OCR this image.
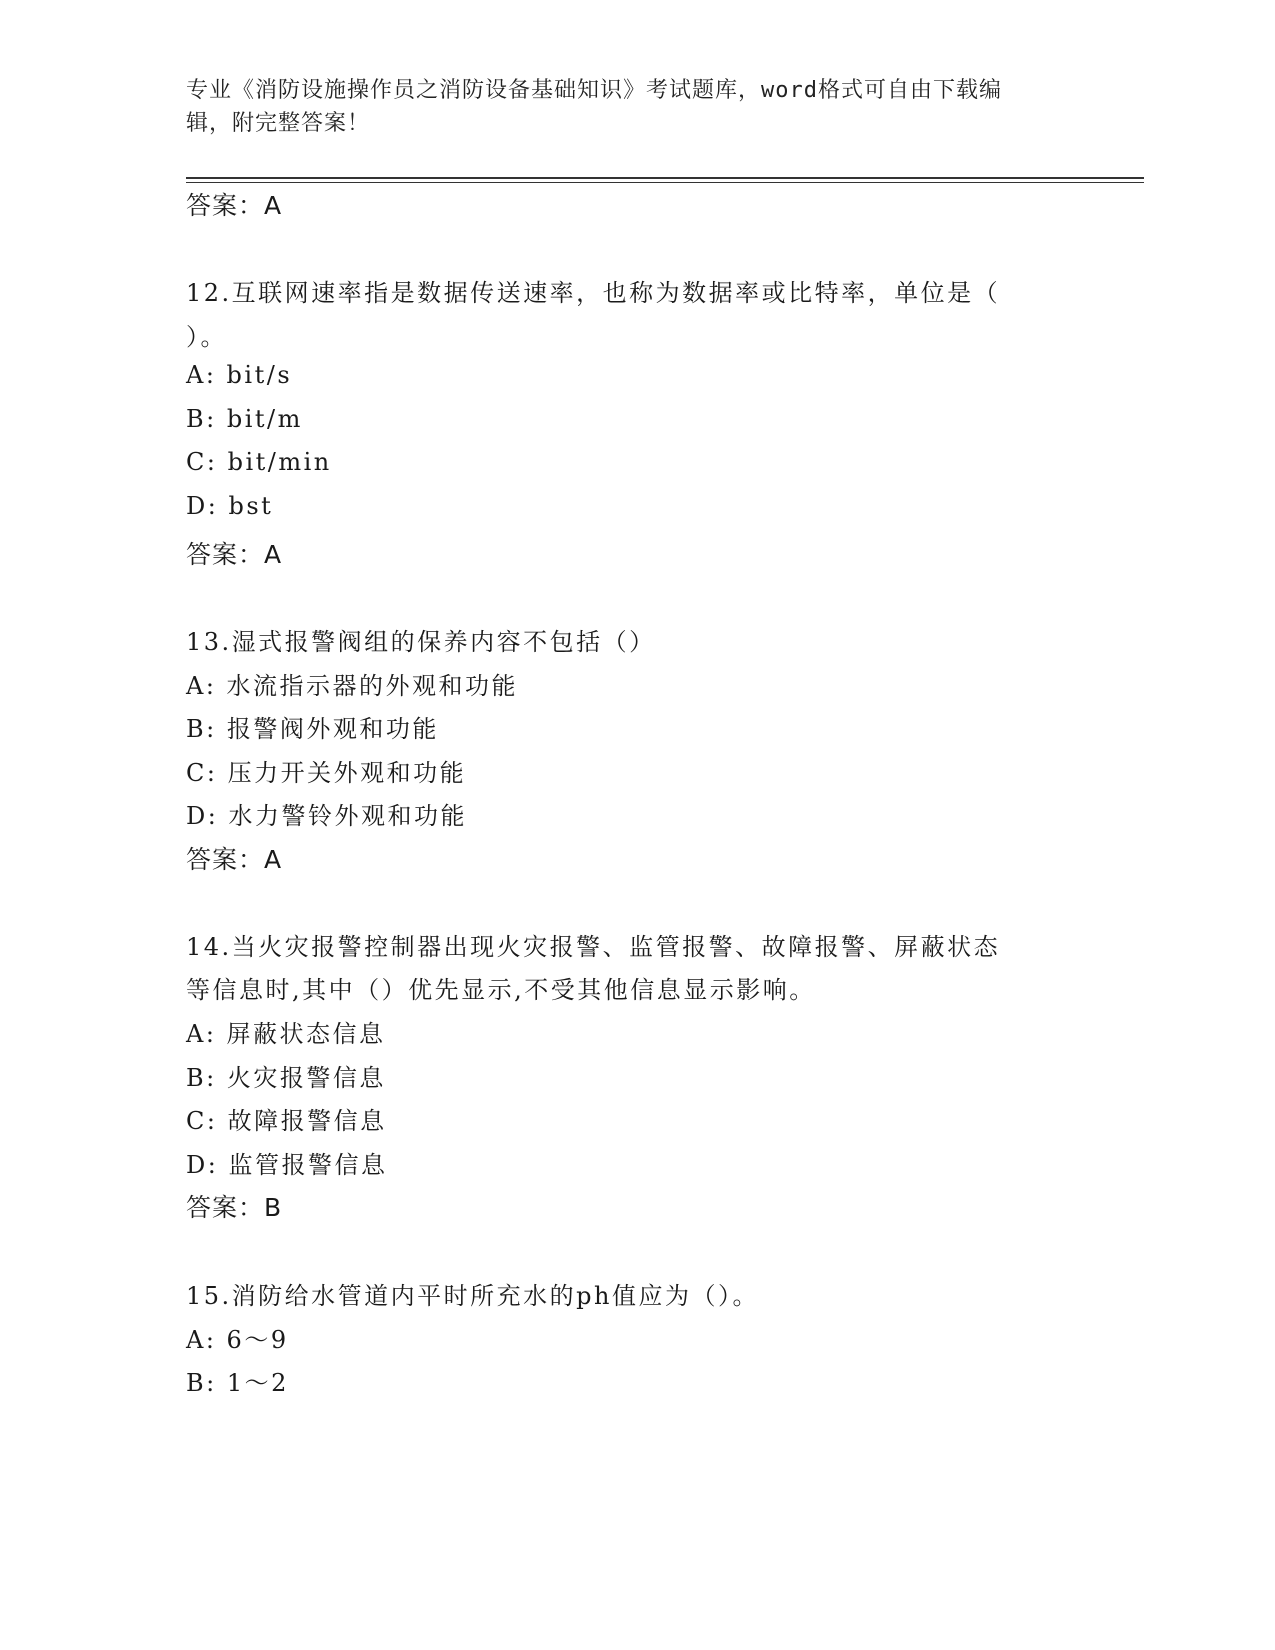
专业《消防设施操作员之消防设备基础知识》考试题库，word格式可自由下载编
辑，附完整答案！
答案：A
12.互联网速率指是数据传送速率，也称为数据率或比特率，单位是（
）。
A: bit/s
B: bit/m
C: bit/min
D: bst
答案：A
13.湿式报警阀组的保养内容不包括（）
A: 水流指示器的外观和功能
B: 报警阀外观和功能
C: 压力开关外观和功能
D: 水力警铃外观和功能
答案：A
14.当火灾报警控制器出现火灾报警、监管报警、故障报警、屏蔽状态
等信息时,其中（）优先显示,不受其他信息显示影响。
A: 屏蔽状态信息
B: 火灾报警信息
C: 故障报警信息
D: 监管报警信息
答案：B
15.消防给水管道内平时所充水的ph值应为（）。
A: 6～9
B: 1～2
